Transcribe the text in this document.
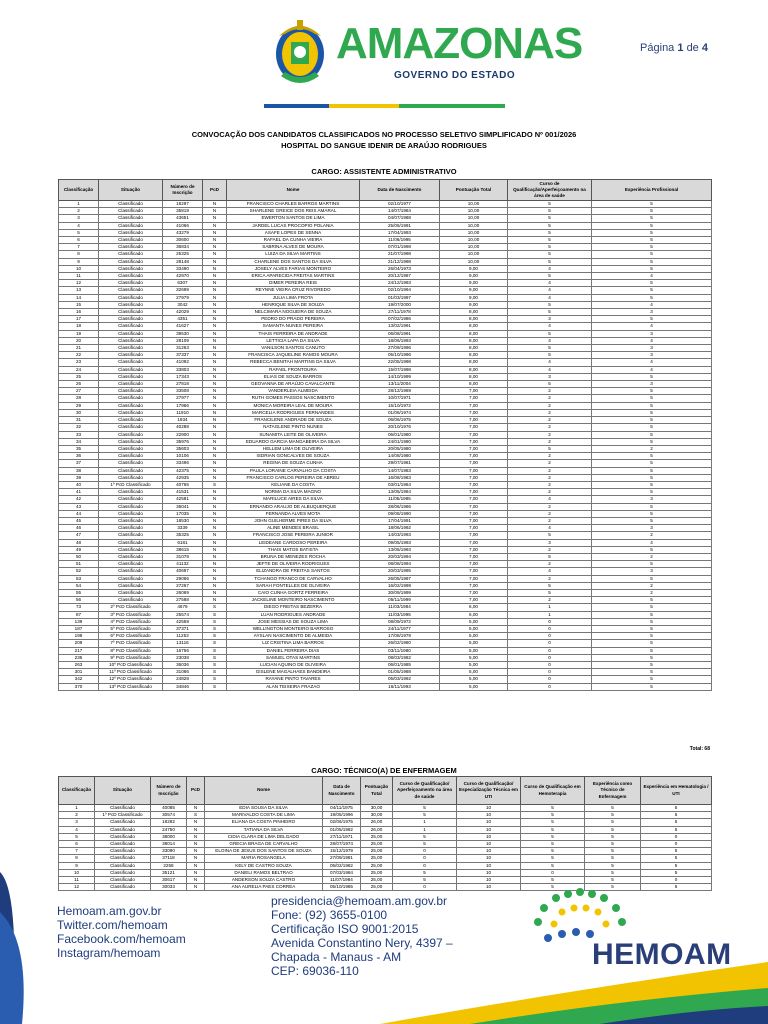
AMAZONAS
GOVERNO DO ESTADO
Página 1 de 4
CONVOCAÇÃO DOS CANDIDATOS CLASSIFICADOS NO PROCESSO SELETIVO SIMPLIFICADO Nº 001/2026
HOSPITAL DO SANGUE IDENIR DE ARAÚJO RODRIGUES
CARGO: ASSISTENTE ADMINISTRATIVO
Classificação	Situação	Número de Inscrição	PcD	Nome	Data de Nascimento	Pontuação Total	Curso de Qualificação/Aperfeiçoamento na área de saúde	Experiência Profissional
1	Classificado	18297	N	FRANCISCO CHARLES BARROS MARTINS	02/10/1977	10,00	5	5
2	Classificado	35819	N	SHARLENE GREICE DOS REIS AMARAL	14/07/1984	10,00	5	5
3	Classificado	43651	N	EWERTON SANTOS DE LIMA	04/07/1988	10,00	5	5
4	Classificado	41066	N	JARDEL LUCAS PROCOPIO POLANIA	25/06/1991	10,00	5	5
5	Classificado	43279	N	ASAFE LOPES DE SENNA	17/04/1993	10,00	5	5
6	Classificado	30600	N	RAFAEL DA CUNHA VIEIRA	11/06/1995	10,00	5	5
7	Classificado	36834	N	SABRINA ALVES DE MOURA	07/01/1998	10,00	5	5
8	Classificado	25325	N	LUIZA DA SILVA MARTINS	21/07/1998	10,00	5	5
9	Classificado	28148	N	CHARLENE DOS SANTOS DA SILVA	21/12/1998	10,00	5	5
10	Classificado	33490	N	JOSELY ALVES FARIAS MONTEIRO	26/04/1973	9,00	4	5
11	Classificado	42970	N	ERICA APARECIDA FREITAS MARTINS	20/12/1987	9,00	5	4
12	Classificado	6307	N	DIMER PEREIRA REIS	24/12/1993	9,00	4	5
13	Classificado	32699	N	REYNNE VIEIRA CRUZ RIVOREDO	02/10/1994	9,00	4	5
14	Classificado	27979	N	JULIA LIMA FROTA	01/03/1997	9,00	4	5
15	Classificado	3042	N	HENRIQUE SILVA DE SOUZA	19/07/2000	9,00	5	4
16	Classificado	42029	N	NELCIMARA NOGUEIRA DE SOUZA	27/11/1978	8,00	5	3
17	Classificado	4351	N	PEDRO DO PRADO PEREIRA	07/02/1986	8,00	3	5
18	Classificado	41627	N	SAMANTA NUNES PEREIRA	13/02/1991	8,00	4	4
19	Classificado	39530	N	THAIS FERREIRA DE ANDRADE	06/08/1991	8,00	5	3
20	Classificado	28109	N	LETTICIA LAPA DA SILVA	18/06/1993	8,00	4	4
21	Classificado	31263	N	VANILSON SANTOS CANUTO	27/09/1996	8,00	5	3
22	Classificado	37337	N	FRANCISCA JAQUELINE RAMOS MOURA	05/10/1996	8,00	5	3
23	Classificado	41092	N	REBECCA BENITAH MARTINS DA SILVA	22/05/1998	8,00	4	4
24	Classificado	33803	N	RAFAEL FRONTOURA	15/07/1998	8,00	4	4
25	Classificado	17343	N	ELIAS DE SOUZA BARROS	14/10/1999	8,00	3	5
26	Classificado	27818	N	GEOVANNA DE ARAÚJO CAVALCANTE	13/11/2004	8,00	5	3
27	Classificado	33508	N	VANDERLEIA ALMEIDA	28/12/1969	7,00	2	5
28	Classificado	27977	N	RUTH GOMES PASSOS NASCIMENTO	10/07/1971	7,00	2	5
29	Classificado	17966	N	MONICA MOREIRA LEAL DE MOURA	15/10/1972	7,00	2	5
30	Classificado	11910	N	MARCELIA RODRIGUES FERNANDES	01/06/1974	7,00	2	5
31	Classificado	1934	N	FRANCILENE ANDRADE DE SOUZA	06/06/1975	7,00	2	5
32	Classificado	40288	N	NATAGLENE PINTO NUNES	20/10/1976	7,00	2	5
33	Classificado	22900	N	SUNAMITA LEITE DE OLIVEIRA	06/01/1980	7,00	2	5
34	Classificado	35976	N	EDUARDO GARCIA MANGABEIRA DA SILVA	24/01/1980	7,00	2	5
35	Classificado	35603	N	HELLEM LIMA DE OLIVEIRA	20/05/1980	7,00	5	2
36	Classificado	10106	N	ISDRIAN GONCALVES DE SOUZA	14/08/1980	7,00	2	5
37	Classificado	33496	N	REGINA DE SOUZA CUNHA	29/07/1981	7,00	2	5
38	Classificado	42375	N	PAULA LORAINE CARVALHO DA COSTA	14/07/1983	7,00	2	5
39	Classificado	42935	N	FRANCISCO CARLOS PEREIRA DE ABREU	16/08/1983	7,00	2	5
40	1º PcD Classificado	40765	S	KELIANE DA COSTA	03/01/1984	7,00	2	5
41	Classificado	41531	N	NORMA DA SILVA MAGNO	13/05/1984	7,00	2	5
42	Classificado	42581	N	MARILUCE AIRES DA SILVA	11/05/1985	7,00	4	3
43	Classificado	36041	N	ERNANDO ARAUJO DE ALBUQUERQUE	28/06/1986	7,00	2	5
44	Classificado	17035	N	FERNANDA ALVES MOTA	09/08/1990	7,00	2	5
45	Classificado	18530	N	JOHN GUILHERME PIRES DA SILVA	17/04/1991	7,00	2	5
46	Classificado	3339	N	ALINE MENDES BRASIL	18/06/1992	7,00	4	3
47	Classificado	35325	N	FRANCISCO JOSE PEREIRA JUNIOR	14/03/1993	7,00	5	2
48	Classificado	6181	N	LEIDEANE CARDOSO PEREIRA	09/05/1993	7,00	3	4
49	Classificado	38615	N	THAIS MATOS BATISTA	13/05/1993	7,00	2	5
50	Classificado	31078	N	BRUNA DE MENEZES ROCHA	20/03/1994	7,00	5	2
51	Classificado	41132	N	JEFTE DE OLIVEIRA RODRIGUES	08/08/1994	7,00	2	5
52	Classificado	40697	N	ELIZANDRA DE FREITAS SANTOS	20/03/1995	7,00	4	3
53	Classificado	29066	N	TCHANGO FRANCO DE CARVALHO	26/05/1997	7,00	2	5
54	Classificado	27267	N	SARAH FONTELLES DE OLIVEIRA	16/02/1999	7,00	5	2
55	Classificado	26069	N	CAIO CUNHA GORTZ FERREIRA	30/09/1999	7,00	5	2
56	Classificado	27588	N	JACKELINE MONTEIRO NASCIMENTO	05/11/1999	7,00	2	5
73	2º PcD Classificado	4679	S	DIEGO FREITAS BEZERRA	11/03/1984	6,00	1	5
87	3º PcD Classificado	25574	S	LUAN RODRIGUES ANDRADE	11/03/1995	6,00	1	5
139	4º PcD Classificado	42559	S	JOSE MESSIAS DE SOUZA LIMA	08/09/1972	5,00	0	5
187	5º PcD Classificado	37371	S	WELLINGTON MONTEIRO BARROSO	24/11/1977	5,00	0	5
199	6º PcD Classificado	11253	S	AYSLAN NASCIMENTO DE ALMEIDA	17/08/1979	5,00	0	5
209	7º PcD Classificado	13116	S	LIZ CRISTINA LIMA BARROS	26/02/1980	5,00	0	5
217	8º PcD Classificado	16756	S	DANIEL FERREIRA DIAS	03/11/1980	5,00	0	5
235	9º PcD Classificado	23038	S	SAMUEL OTAS MARTINS	08/03/1982	5,00	0	5
263	10º PcD Classificado	36036	S	LUCIAN AQUINO DE OLIVEIRA	06/01/1985	5,00	0	5
301	11º PcD Classificado	31066	S	GISLENE MAGALHAES BANDEIRA	01/05/1988	5,00	0	5
342	12º PcD Classificado	24828	S	RAYANE PINTO TAVARES	05/03/1992	5,00	0	5
370	13º PcD Classificado	34846	S	ALAN TEIXEIRA FRAZAO	16/11/1993	5,00	0	5
Total: 68
CARGO: TÉCNICO(A) DE ENFERMAGEM
Classificação	Situação	Número de Inscrição	PcD	Nome	Data de Nascimento	Pontuação Total	Curso de Qualificação/ Aperfeiçoamento na área de saúde	Curso de Qualificação/ Especialização Técnica em UTI	Curso de Qualificação em Hemoterapia	Experiência como Técnico de Enfermagem	Experiência em Hematologia / UTI
1	Classificado	40085	N	EDIA SOUSA DA SILVA	04/11/1975	30,00	5	10	5	5	5
2	1º PcD Classificado	30574	S	MARIVALDO COSTA DE LIMA	19/05/1996	30,00	5	10	5	5	5
3	Classificado	18282	N	ELIANA DA COSTA PINHEIRO	02/06/1975	26,00	1	10	5	5	5
4	Classificado	24750	N	TATIANA DA SILVA	01/05/1982	26,00	1	10	5	5	5
5	Classificado	38000	N	CIDIA CLARA DE LIMA DELGADO	27/11/1971	25,00	5	10	5	5	0
6	Classificado	38014	N	GRECIA BRAGA DE CARVALHO	28/07/1974	25,00	5	10	5	5	0
7	Classificado	33090	N	ELOINA DE JESUS DOS SANTOS DE SOUZA	15/12/1979	25,00	0	10	5	5	5
8	Classificado	37118	N	MARIA ROSANGELA	27/09/1981	25,00	0	10	5	5	5
9	Classificado	2258	N	KELY DE CASTRO SOUZA	05/02/1982	25,00	0	10	5	5	5
10	Classificado	35121	N	DANIELI RAMOS BELTRAO	07/03/1984	25,00	5	10	0	5	5
11	Classificado	30617	N	ANDERSON SOUZA CASTRO	11/07/1984	25,00	5	10	5	5	0
12	Classificado	30033	N	ANA AURELIA PAES CORREA	05/10/1985	25,00	0	10	5	5	5
Hemoam.am.gov.br
Twitter.com/hemoam
Facebook.com/hemoam
Instagram/hemoam
presidencia@hemoam.am.gov.br
Fone: (92) 3655-0100
Certificação ISO 9001:2015
Avenida Constantino Nery, 4397 –
Chapada - Manaus - AM
CEP: 69036-110	HEMOAM
